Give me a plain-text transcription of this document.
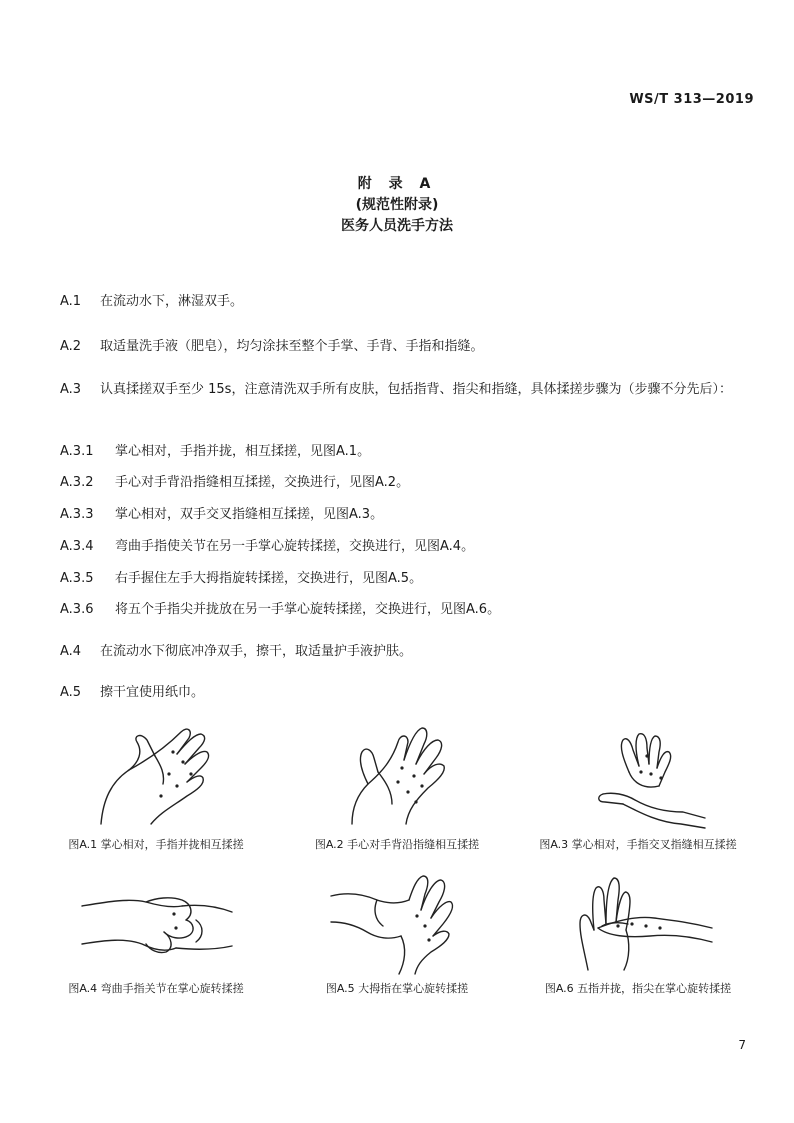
WS/T 313—2019
附 录 A
(规范性附录)
医务人员洗手方法
A.1 在流动水下，淋湿双手。
A.2 取适量洗手液（肥皂），均匀涂抹至整个手掌、手背、手指和指缝。
A.3 认真揉搓双手至少 15s，注意清洗双手所有皮肤，包括指背、指尖和指缝，具体揉搓步骤为（步骤不分先后）：
A.3.1 掌心相对，手指并拢，相互揉搓，见图A.1。
A.3.2 手心对手背沿指缝相互揉搓，交换进行，见图A.2。
A.3.3 掌心相对，双手交叉指缝相互揉搓，见图A.3。
A.3.4 弯曲手指使关节在另一手掌心旋转揉搓，交换进行，见图A.4。
A.3.5 右手握住左手大拇指旋转揉搓，交换进行，见图A.5。
A.3.6 将五个手指尖并拢放在另一手掌心旋转揉搓，交换进行，见图A.6。
A.4 在流动水下彻底冲净双手，擦干，取适量护手液护肤。
A.5 擦干宜使用纸巾。
图A.1 掌心相对，手指并拢相互揉搓	图A.2 手心对手背沿指缝相互揉搓	图A.3 掌心相对，手指交叉指缝相互揉搓
图A.4 弯曲手指关节在掌心旋转揉搓	图A.5 大拇指在掌心旋转揉搓	图A.6 五指并拢，指尖在掌心旋转揉搓
7
